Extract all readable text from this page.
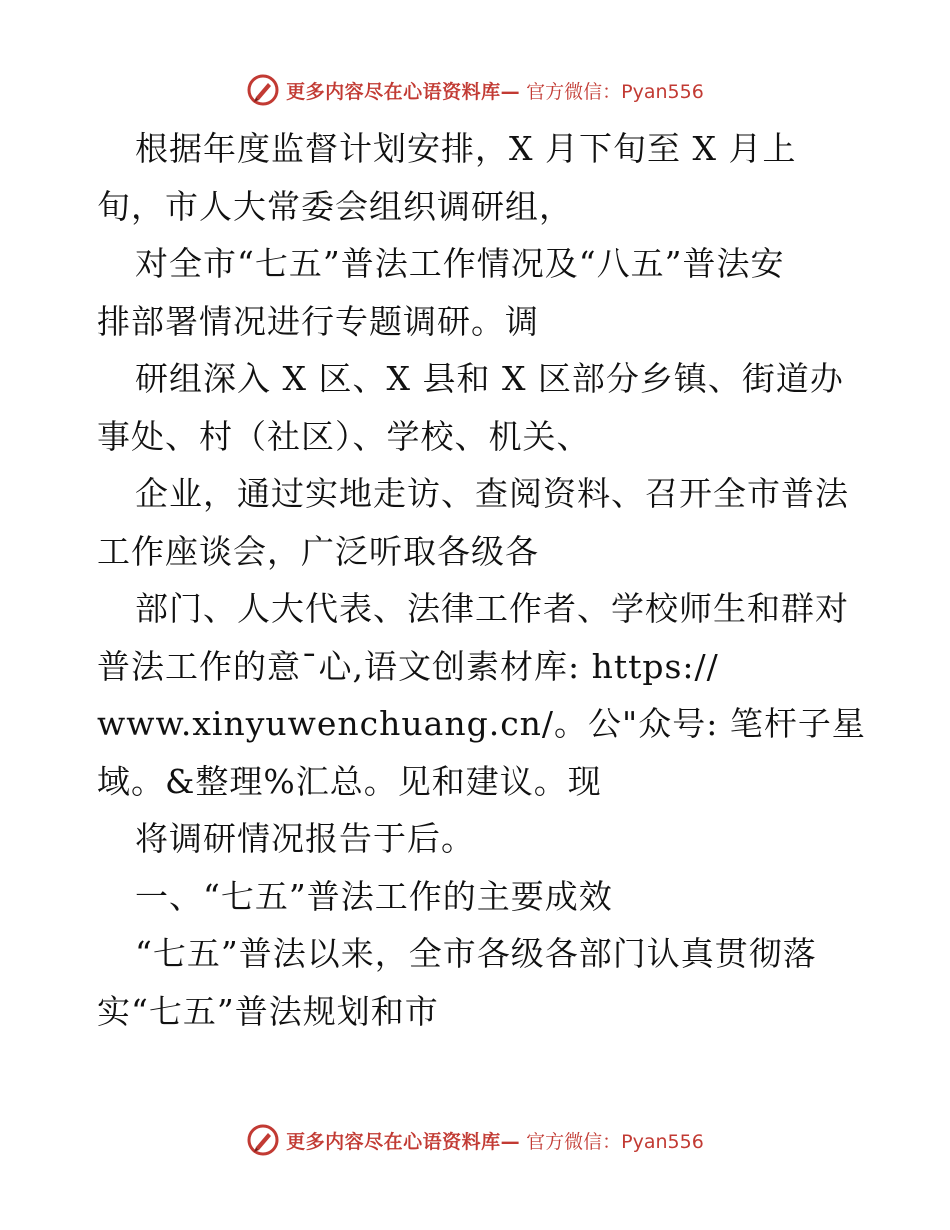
更多内容尽在心语资料库— 官方微信：Pyan556
根据年度监督计划安排，X 月下旬至 X 月上
旬，市人大常委会组织调研组，
对全市“七五”普法工作情况及“八五”普法安
排部署情况进行专题调研。调
研组深入 X 区、X 县和 X 区部分乡镇、街道办
事处、村（社区）、学校、机关、
企业，通过实地走访、查阅资料、召开全市普法
工作座谈会，广泛听取各级各
部门、人大代表、法律工作者、学校师生和群对
普法工作的意¯心,语文创素材库: https://
www.xinyuwenchuang.cn/。公"众号: 笔杆子星
域。&整理%汇总。见和建议。现
将调研情况报告于后。
一、“七五”普法工作的主要成效
“七五”普法以来，全市各级各部门认真贯彻落
实“七五”普法规划和市
更多内容尽在心语资料库— 官方微信：Pyan556
